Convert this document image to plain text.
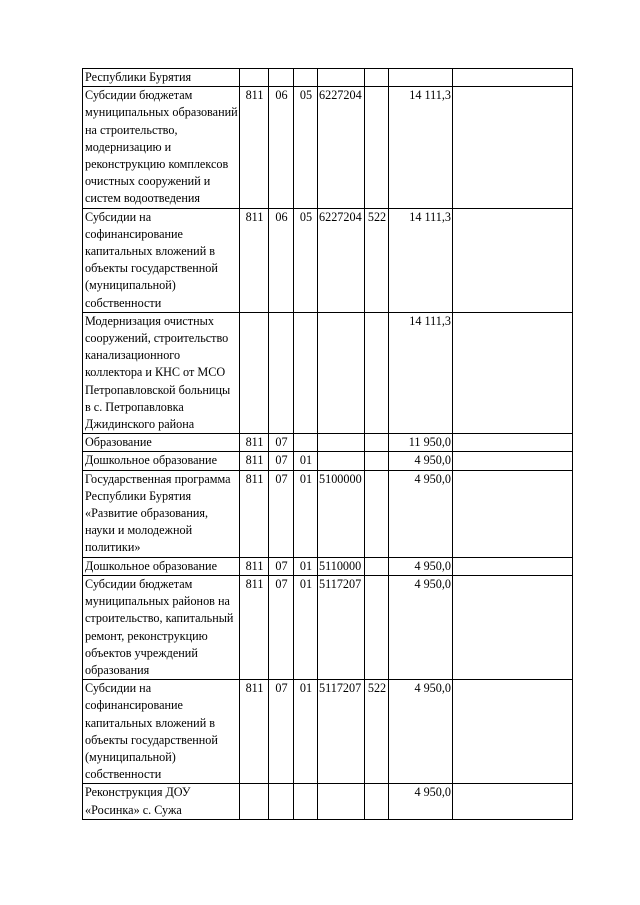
Республики Бурятия							
Субсидии бюджетам муниципальных образований на строительство, модернизацию и реконструкцию комплексов очистных сооружений и систем водоотведения	811	06	05	6227204		14 111,3	
Субсидии на софинансирование капитальных вложений в объекты государственной (муниципальной) собственности	811	06	05	6227204	522	14 111,3	
Модернизация очистных сооружений, строительство канализационного коллектора и КНС от МСО Петропавловской больницы в с. Петропавловка Джидинского района						14 111,3	
Образование	811	07				11 950,0	
Дошкольное образование	811	07	01			4 950,0	
Государственная программа Республики Бурятия «Развитие образования, науки и молодежной политики»	811	07	01	5100000		4 950,0	
Дошкольное образование	811	07	01	5110000		4 950,0	
Субсидии бюджетам муниципальных районов на строительство, капитальный ремонт, реконструкцию объектов учреждений образования	811	07	01	5117207		4 950,0	
Субсидии на софинансирование капитальных вложений в объекты государственной (муниципальной) собственности	811	07	01	5117207	522	4 950,0	
Реконструкция ДОУ «Росинка» с. Сужа						4 950,0	
